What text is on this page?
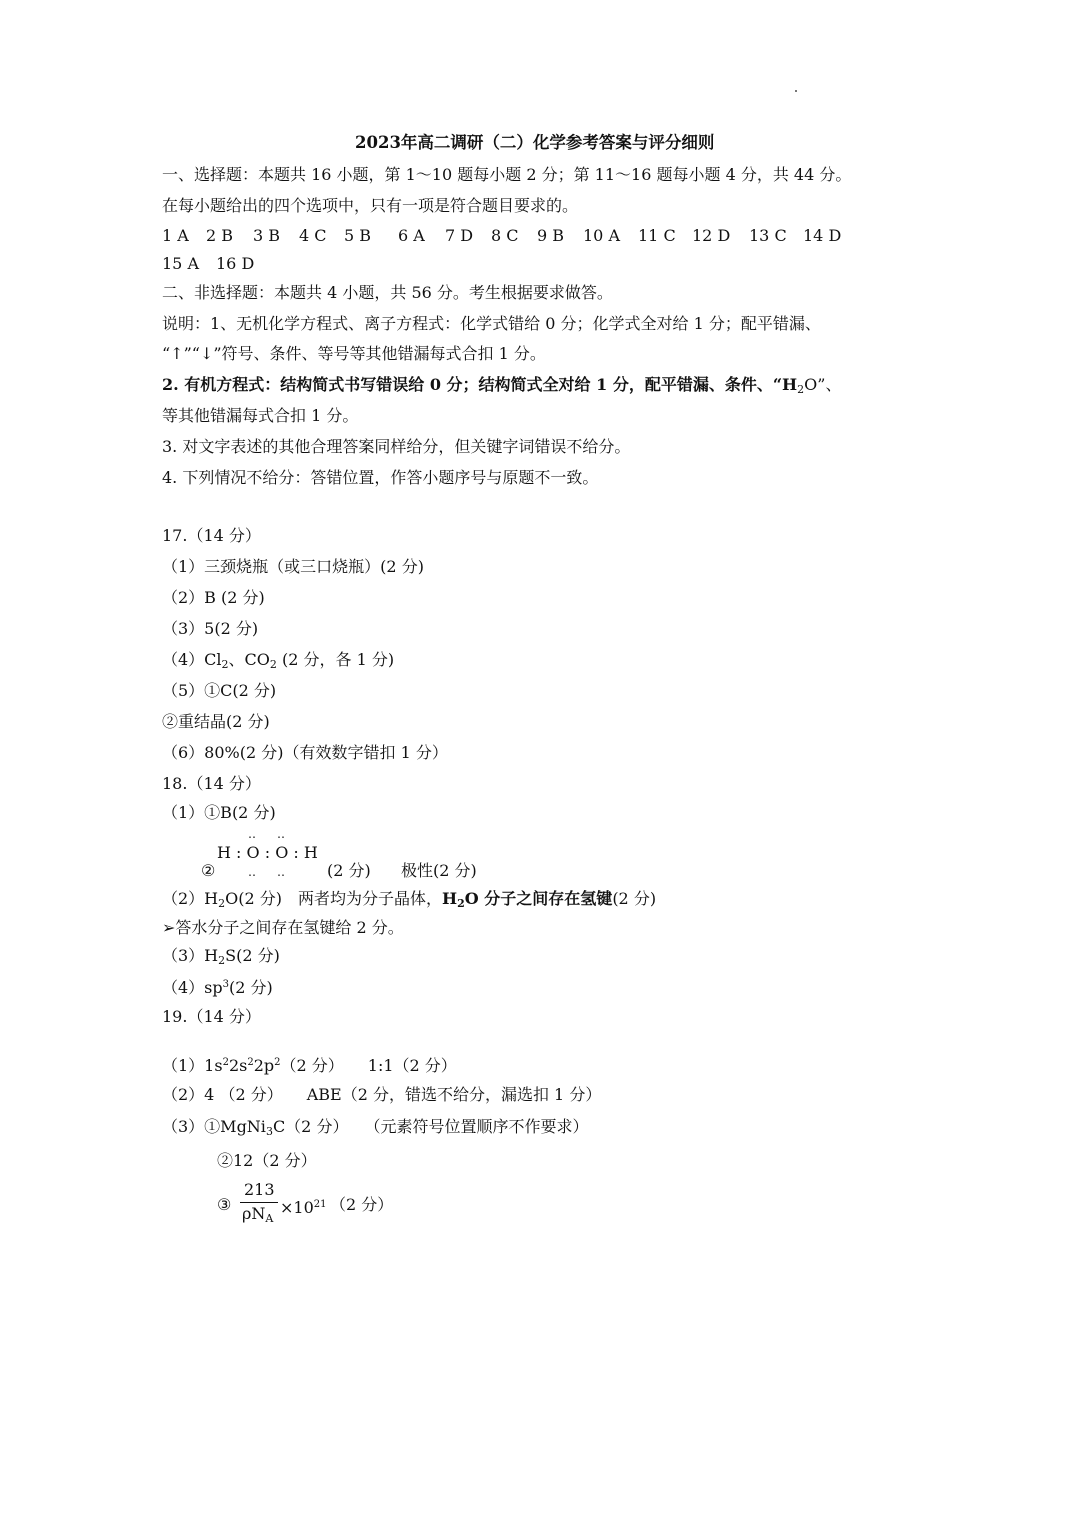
2023年高二调研（二）化学参考答案与评分细则
一、选择题：本题共 16 小题，第 1～10 题每小题 2 分；第 11～16 题每小题 4 分，共 44 分。
在每小题给出的四个选项中，只有一项是符合题目要求的。
1 A 2 B 3 B 4 C 5 B 6 A 7 D 8 C 9 B 10 A 11 C 12 D 13 C 14 D
15 A 16 D
二、非选择题：本题共 4 小题，共 56 分。考生根据要求做答。
说明：1、无机化学方程式、离子方程式：化学式错给 0 分；化学式全对给 1 分；配平错漏、
“↑”“↓”符号、条件、等号等其他错漏每式合扣 1 分。
2. 有机方程式：结构简式书写错误给 0 分；结构简式全对给 1 分，配平错漏、条件、“$H_2O$”、
等其他错漏每式合扣 1 分。
3. 对文字表述的其他合理答案同样给分，但关键字词错误不给分。
4. 下列情况不给分：答错位置，作答小题序号与原题不一致。
17.（14 分）
（1）三颈烧瓶（或三口烧瓶）(2 分)
（2）B (2 分)
（3）5(2 分)
$(4)Cl_2$、$CO_2$ (2 分，各 1 分)
（5）①C(2 分)
②重结晶(2 分)
（6）80%(2 分)（有效数字错扣 1 分）
18.（14 分）
（1）①B(2 分)
②
‥ ‥
H : O : O : H
‥ ‥	(2 分) 极性(2 分)
$(2)H_2O(2$ 分)　两者均为分子晶体，$H_2O$ 分子之间存在氢键(2 分)
➢答水分子之间存在氢键给 2 分。
$(3)H_2S(2$ 分)
$(4)sp^3(2$ 分)
19.（14 分）
$(1)1s^22s^22p^2(2$ 分）　　1:1（2 分）
（2）4 （2 分）　　ABE（2 分，错选不给分，漏选扣 1 分）
（3）①MgNi$_3$C（2 分）　　（元素符号位置顺序不作要求）
②12（2 分）
③
213
$\rho N_A$
$\times 10^{21}$ （2 分）
